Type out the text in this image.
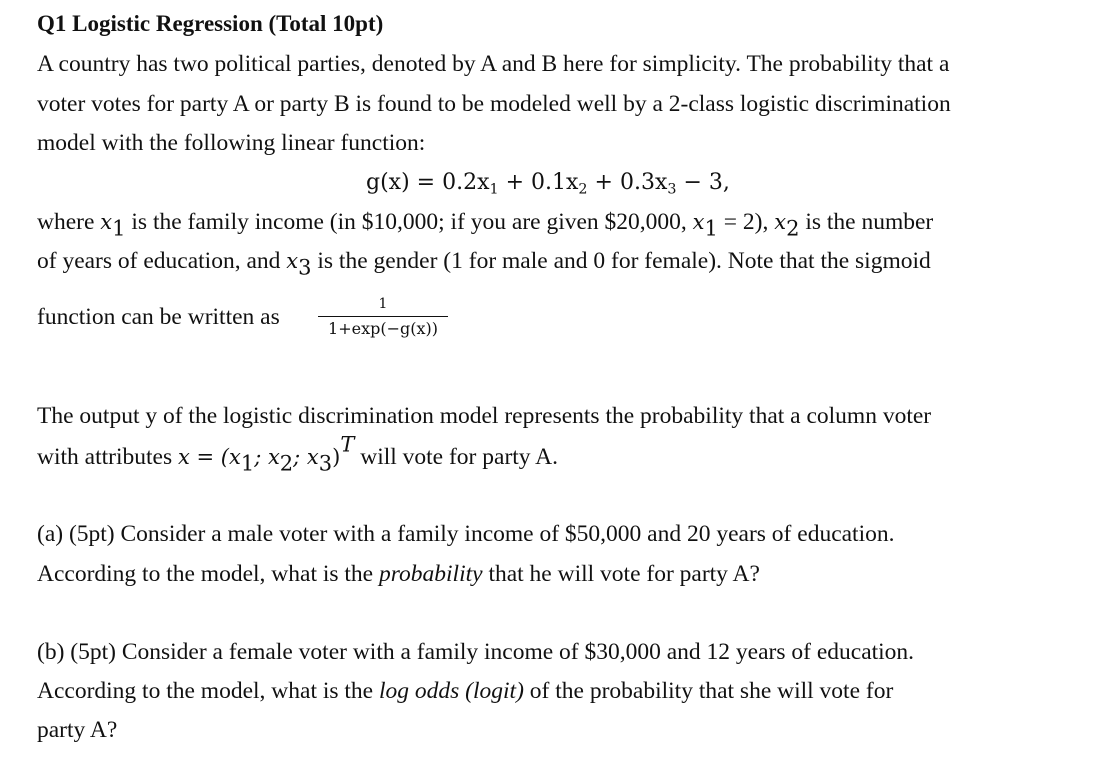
Q1 Logistic Regression (Total 10pt)
A country has two political parties, denoted by A and B here for simplicity. The probability that a
voter votes for party A or party B is found to be modeled well by a 2-class logistic discrimination
model with the following linear function:
$g(x) = 0.2x_1 + 0.1x_2 + 0.3x_3 - 3$,
where $x_1$ is the family income (in $10,000; if you are given $20,000, $x_1 = 2$), $x_2$ is the number
of years of education, and $x_3$ is the gender (1 for male and 0 for female). Note that the sigmoid
function can be written as	$\frac{1}{1+\exp(-g(x))}$
The output y of the logistic discrimination model represents the probability that a column voter
with attributes $x = (x_1$; $x_2$; $x_3)^T$ will vote for party A.
(a) (5pt) Consider a male voter with a family income of $50,000 and 20 years of education.
According to the model, what is the probability that he will vote for party A?
(b) (5pt) Consider a female voter with a family income of $30,000 and 12 years of education.
According to the model, what is the log odds (logit) of the probability that she will vote for
party A?
